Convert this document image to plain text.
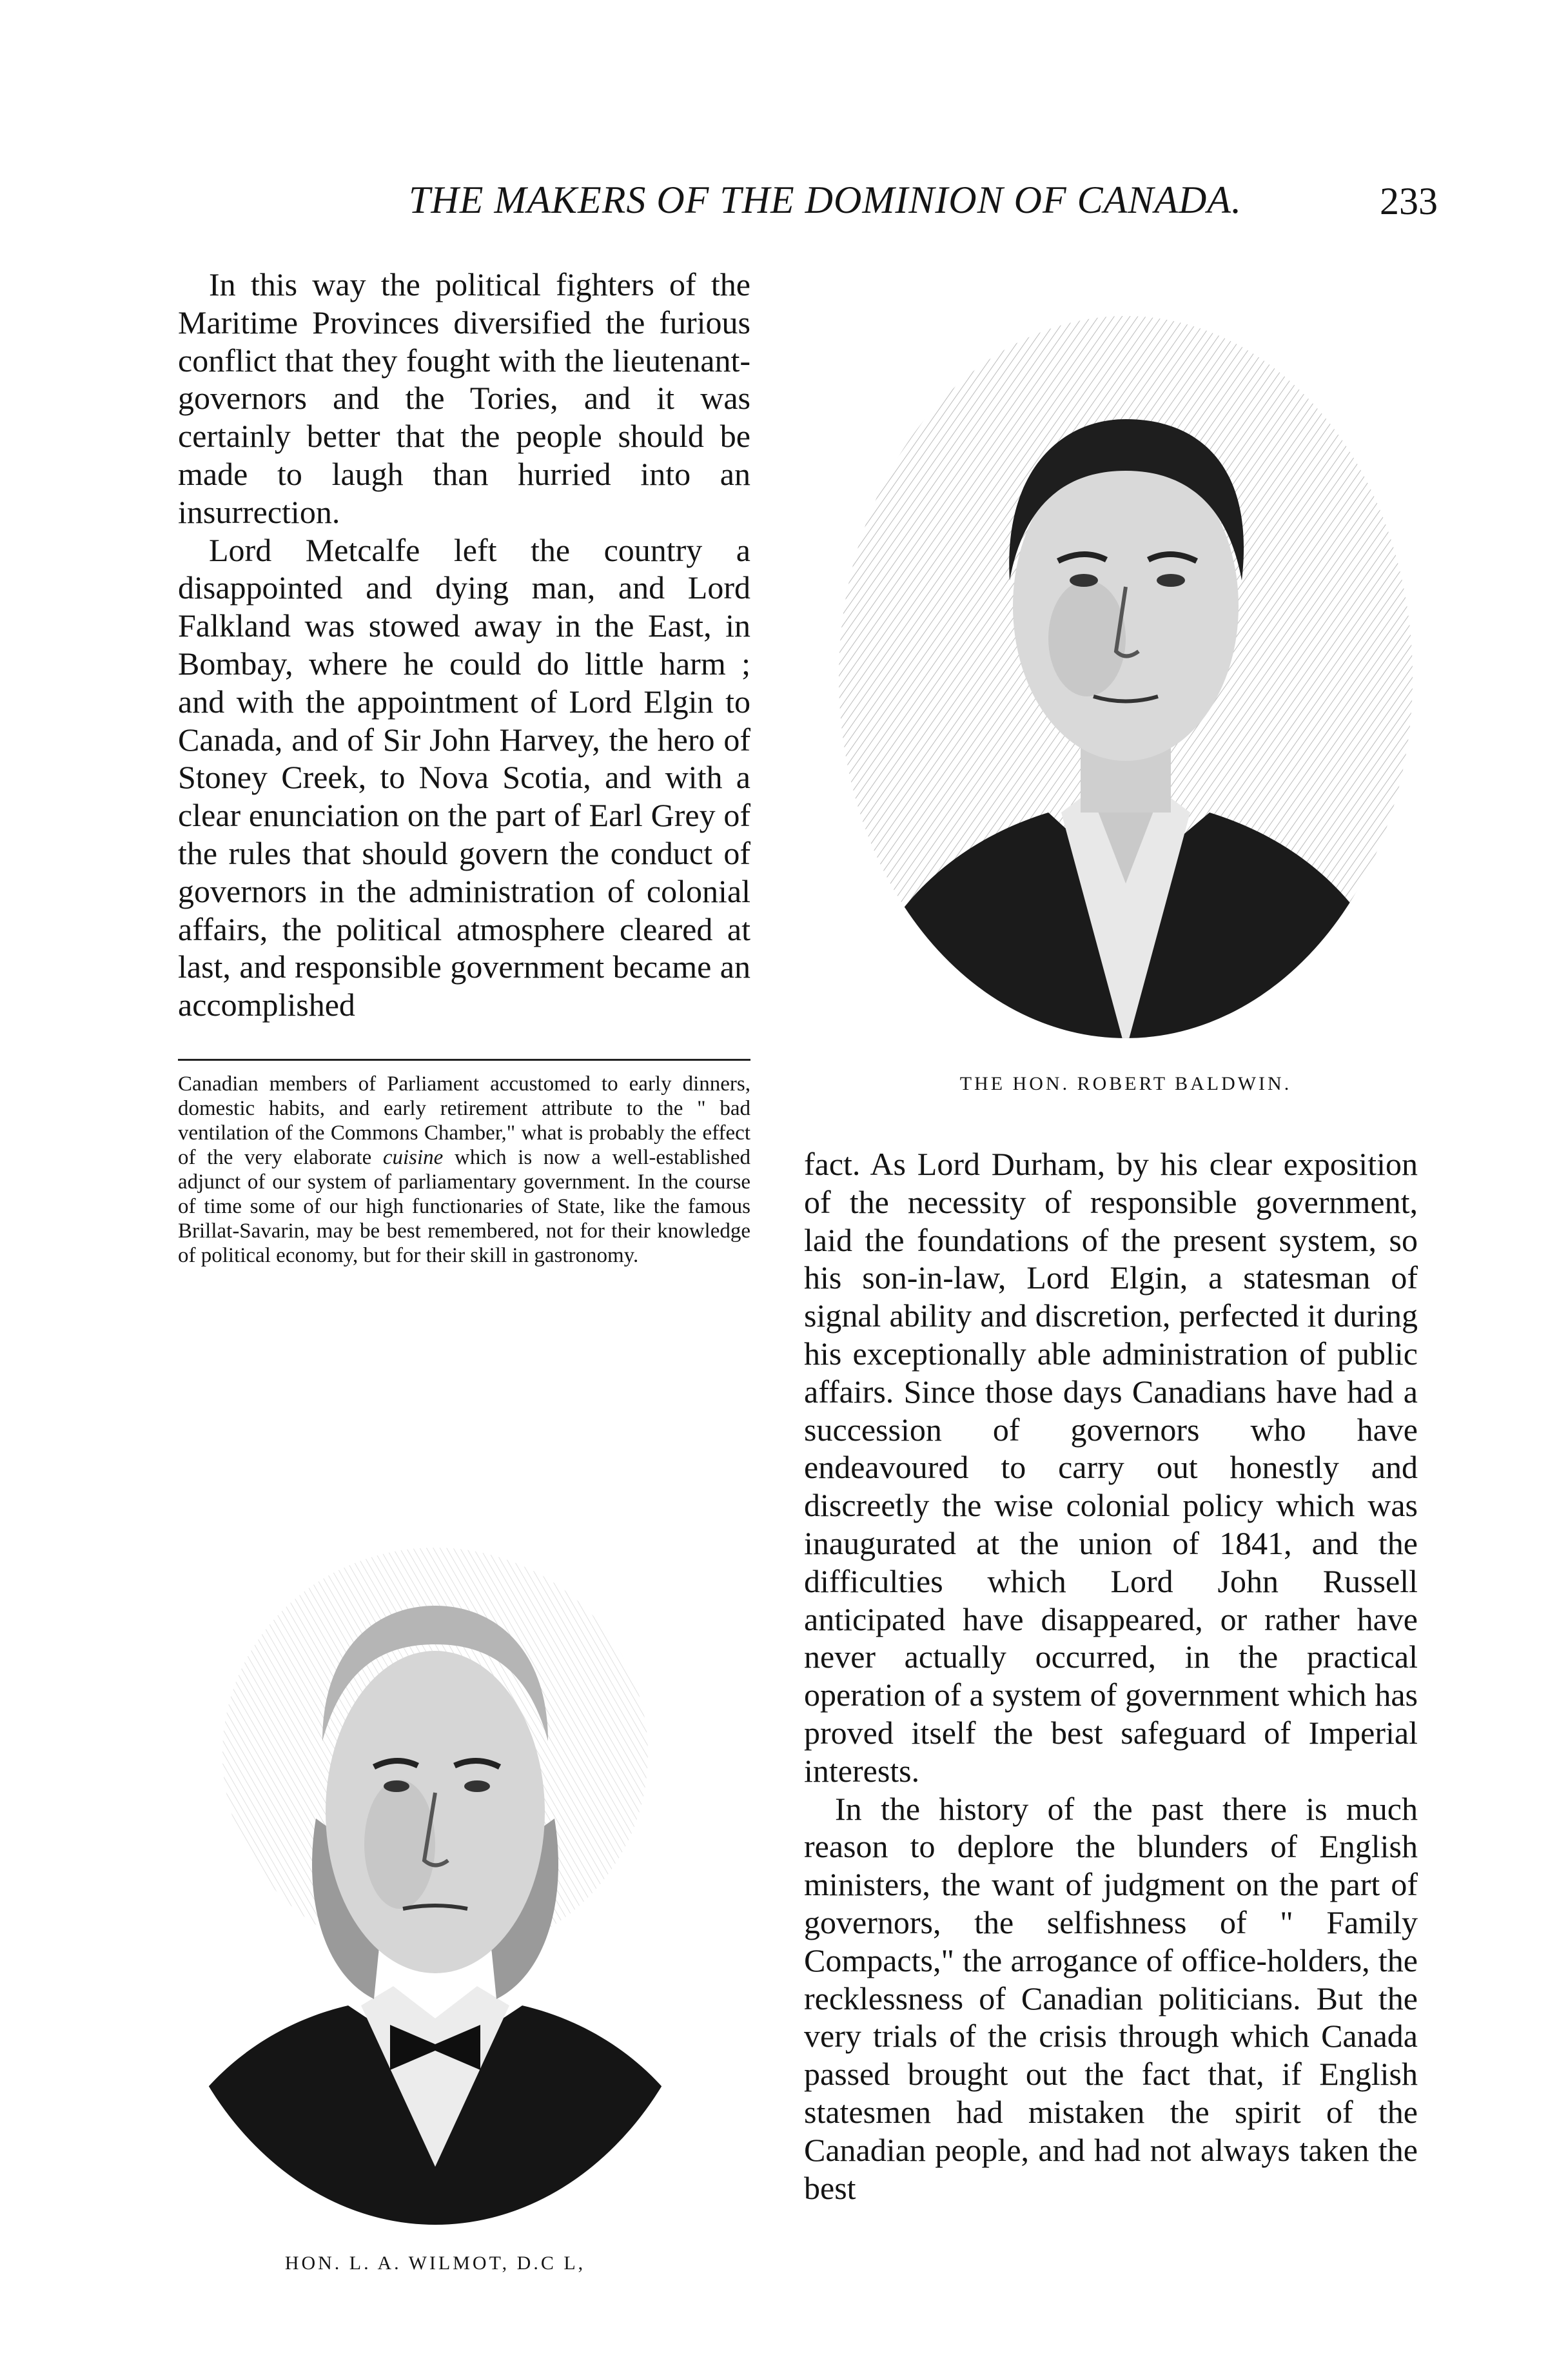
THE MAKERS OF THE DOMINION OF CANADA.	233

In this way the political fighters of the Maritime Provinces diversified the furious conflict that they fought with the lieutenant-governors and the Tories, and it was certainly better that the people should be made to laugh than hurried into an insurrection.

Lord Metcalfe left the country a disappointed and dying man, and Lord Falkland was stowed away in the East, in Bombay, where he could do little harm ; and with the appointment of Lord Elgin to Canada, and of Sir John Harvey, the hero of Stoney Creek, to Nova Scotia, and with a clear enunciation on the part of Earl Grey of the rules that should govern the conduct of governors in the administration of colonial affairs, the political atmosphere cleared at last, and responsible government became an accomplished

Canadian members of Parliament accustomed to early dinners, domestic habits, and early retirement attribute to the " bad ventilation of the Commons Chamber," what is probably the effect of the very elaborate cuisine which is now a well-established adjunct of our system of parliamentary government. In the course of time some of our high functionaries of State, like the famous Brillat-Savarin, may be best remembered, not for their knowledge of political economy, but for their skill in gastronomy.

THE HON. ROBERT BALDWIN.
HON. L. A. WILMOT, D.C L,

fact. As Lord Durham, by his clear exposition of the necessity of responsible government, laid the foundations of the present system, so his son-in-law, Lord Elgin, a statesman of signal ability and discretion, perfected it during his exceptionally able administration of public affairs. Since those days Canadians have had a succession of governors who have endeavoured to carry out honestly and discreetly the wise colonial policy which was inaugurated at the union of 1841, and the difficulties which Lord John Russell anticipated have disappeared, or rather have never actually occurred, in the practical operation of a system of government which has proved itself the best safeguard of Imperial interests.

In the history of the past there is much reason to deplore the blunders of English ministers, the want of judgment on the part of governors, the selfishness of " Family Compacts," the arrogance of office-holders, the recklessness of Canadian politicians. But the very trials of the crisis through which Canada passed brought out the fact that, if English statesmen had mistaken the spirit of the Canadian people, and had not always taken the best
